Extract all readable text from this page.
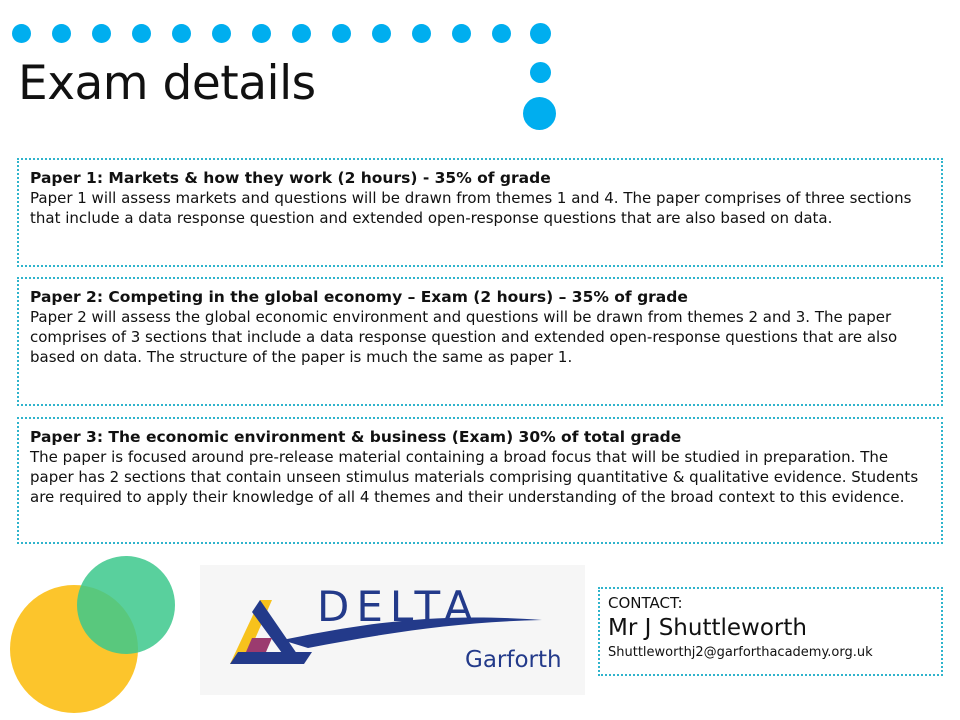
Exam details
Paper 1: Markets & how they work (2 hours) - 35% of grade
Paper 1 will assess markets and questions will be drawn from themes 1 and 4. The paper comprises of three sections that include a data response question and extended open-response questions that are also based on data.
Paper 2: Competing in the global economy – Exam (2 hours) – 35% of grade
Paper 2 will assess the global economic environment and questions will be drawn from themes 2 and 3. The paper comprises of 3 sections that include a data response question and extended open-response questions that are also based on data. The structure of the paper is much the same as paper 1.
Paper 3: The economic environment & business (Exam) 30% of total grade
The paper is focused around pre-release material containing a broad focus that will be studied in preparation. The paper has 2 sections that contain unseen stimulus materials comprising quantitative & qualitative evidence. Students are required to apply their knowledge of all 4 themes and their understanding of the broad context to this evidence.
DELTA
Garforth
CONTACT:
Mr J Shuttleworth
Shuttleworthj2@garforthacademy.org.uk
